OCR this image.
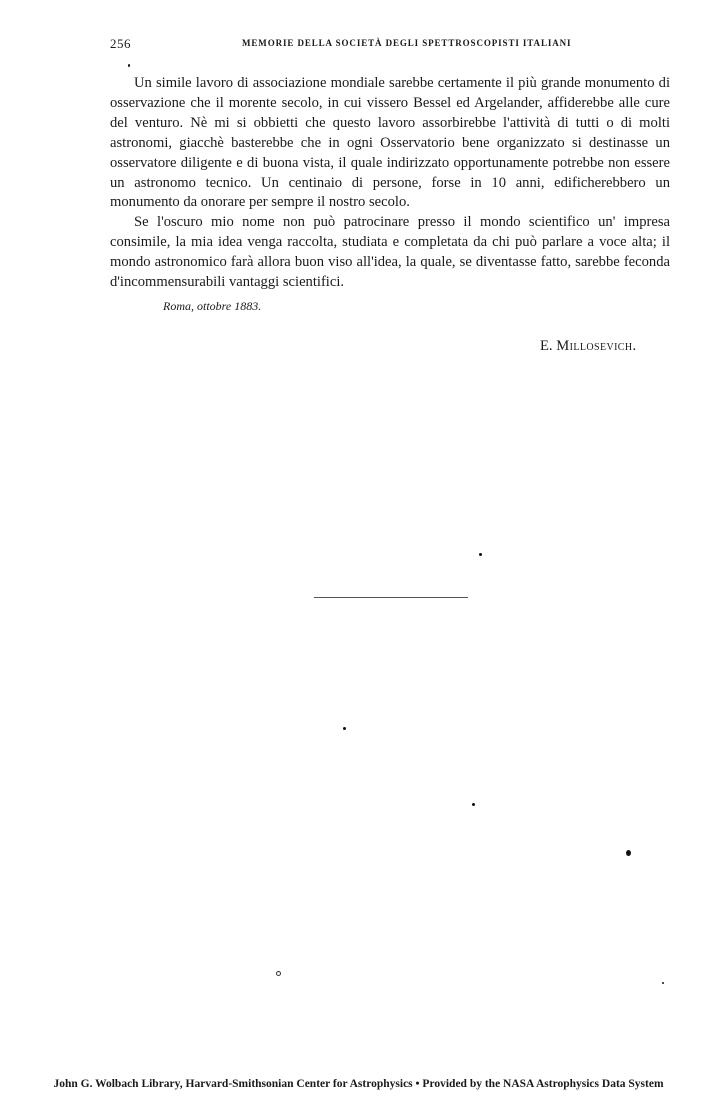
256	MEMORIE DELLA SOCIETÀ DEGLI SPETTROSCOPISTI ITALIANI

Un simile lavoro di associazione mondiale sarebbe certamente il più grande monumento di osservazione che il morente secolo, in cui vissero Bessel ed Argelander, affiderebbe alle cure del venturo. Nè mi si obbietti che questo lavoro assorbirebbe l'attività di tutti o di molti astronomi, giacchè basterebbe che in ogni Osservatorio bene organizzato si destinasse un osservatore diligente e di buona vista, il quale indirizzato opportunamente potrebbe non essere un astronomo tecnico. Un centinaio di persone, forse in 10 anni, edificherebbero un monumento da onorare per sempre il nostro secolo.

Se l'oscuro mio nome non può patrocinare presso il mondo scientifico un' impresa consimile, la mia idea venga raccolta, studiata e completata da chi può parlare a voce alta; il mondo astronomico farà allora buon viso all'idea, la quale, se diventasse fatto, sarebbe feconda d'incommensurabili vantaggi scientifici.

Roma, ottobre 1883.
E. Millosevich.
John G. Wolbach Library, Harvard-Smithsonian Center for Astrophysics • Provided by the NASA Astrophysics Data System
